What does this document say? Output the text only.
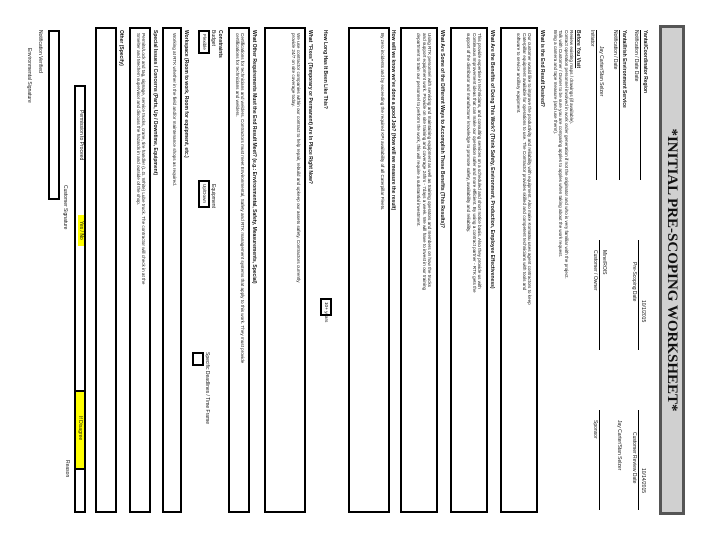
*INITIAL PRE-SCOPING WORKSHEET*
Yantai/Coordinator Region
Notification / Date Date
Yantai/Irish Environment Service
Notification / Date
Jay Carter/Stan Selzer
Initiator
10/1/2015
Pre-Scoping Date
Mine/ROIS
Customer / Owner
10/14/2015
Customer Review Date
Jay Carter/Stan Selzer
Sponsor
Before You Visit
Review existing maps / drawings (if available).
Contact operation personnel involved in work order generation if not the originator and who is very familiar with the project.
Talk with Customer / Owner to be sure you are comparing apples to apples when taking about the work request.
Bring a camera and tape measure (and use them!).
What is the End Result Desired?
Our customer would like to improve the productivity and reliability with equipment. Also make Komatsu uses agent contractors to keep
Caterpillar equipment available for operations to use. The Contractor provides skilled and competent technicians with tools and
software to service ancillary equipment.
What Are the Benefits of Doing This Work? (Think Safety, Environment, Production, Employee Effectiveness)
This provide expertise in technicians, and consulting services on a scheduled and short notice basis. Also they provide us with
Continuous Improvement ideas that can make our operation safer and more efficient. By using a contract partner - RTK gets the
support of the distributor and manufacturer knowledge to promote safety, availability and reliability.
What Are Some of the Different Ways to Accomplish These Benefits (This Results)?
Using RTK personnel with servicing and maintaining equipment as well as training operators and members on how the trucks
and support equipment work. Provide on site training and coverage 24hrs - 7days a week. We will have to invest in our training
department to train our personnel to perform the work, this will require a substantial investment.
How will we know we've done a good Job? (How will we measure the result)
By zero incidents and by exceeding the required KPI availability of all Caterpillar Fleets.
How Long Has It Been Like This?
10+ years
What "Fixes" (Temporary or Permanent) Are In Place Right Now?
We use contractor companies within our contract to help repair, rebuild and upkeep our assets safety. Contractors currently
provide 24/7 on site coverage today.
What Other Requirements Must the End Result Meet? (e.g.: Environmental, Safety, Measurements, Special)
Certifications for technicians and welders. Contractors must meet Environmental, Safety and RTK management systems that apply to this work. They must provide
certifications for technicians and welders.
Constraints
Budget
Flexible
Equipment
Up/Down
Specific Deadlines / Time Frame
Workspace (Room to work, Room for equipment, etc.)
Working at RTK whether in the field and/or maintenance shops as required.
Special Issues / Concerns (Parts, Up / Downtime, Equipment)
Permits/Lock and tag, signage, service trucks, crane, tire handler (L.G. White) Lube truck. The contractor will check in at the
Smelter and Mechem supervisor and discuss the hazards in and outside of the shop.
Other (Specify)
Permission to Proceed
Yes / No
If Disagree
Reason
Customer Signature
Notification Verified
Environmental Signature
